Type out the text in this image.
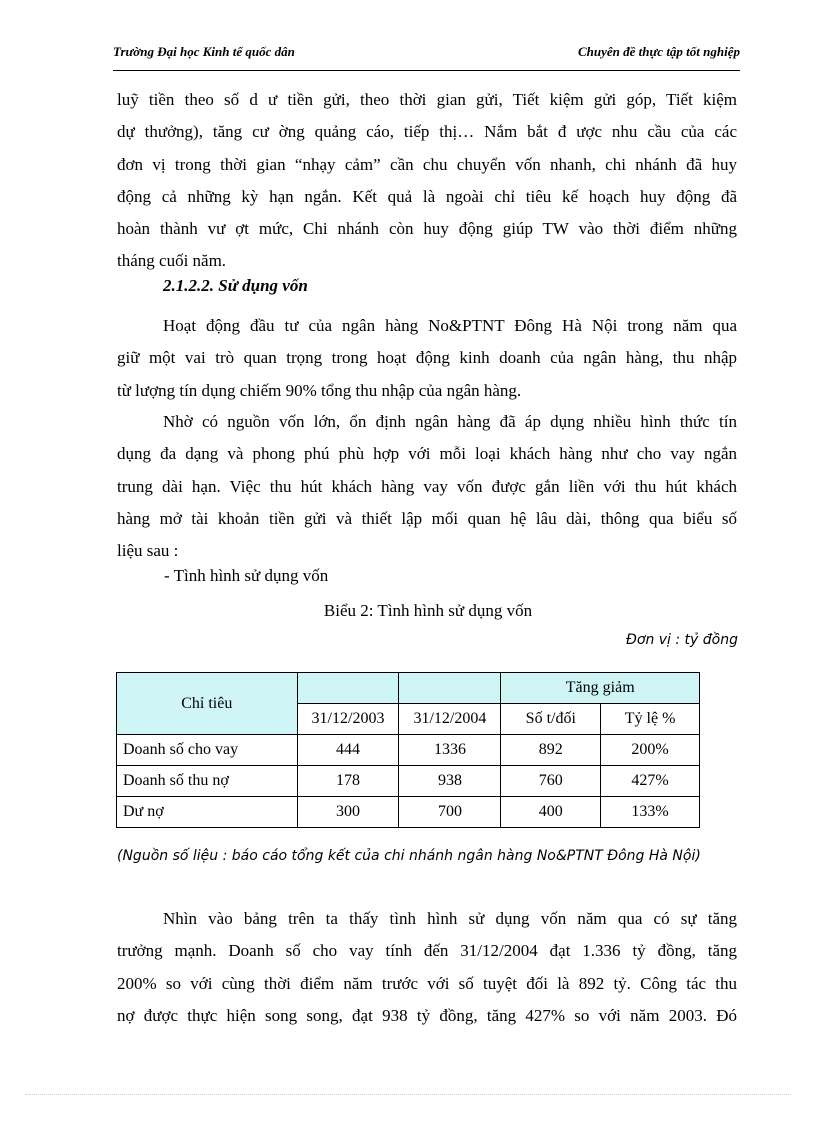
Trường Đại học Kinh tế quốc dân	Chuyên đề thực tập tốt nghiệp
luỹ tiền theo số d ư tiền gửi, theo thời gian gửi, Tiết kiệm gửi góp, Tiết kiệm
dự thưởng), tăng cư ờng quảng cáo, tiếp thị… Nắm bắt đ ược nhu cầu của các
đơn vị trong thời gian “nhạy cảm” cần chu chuyển vốn nhanh, chi nhánh đã huy
động cả những kỳ hạn ngắn. Kết quả là ngoài chỉ tiêu kế hoạch huy động đã
hoàn thành vư ợt mức, Chi nhánh còn huy động giúp TW vào thời điểm những
tháng cuối năm.
2.1.2.2. Sử dụng vốn
Hoạt động đầu tư của ngân hàng No&PTNT Đông Hà Nội trong năm qua
giữ một vai trò quan trọng trong hoạt động kinh doanh của ngân hàng, thu nhập
từ lượng tín dụng chiếm 90% tổng thu nhập của ngân hàng.
Nhờ có nguồn vốn lớn, ổn định ngân hàng đã áp dụng nhiều hình thức tín
dụng đa dạng và phong phú phù hợp với mỗi loại khách hàng như cho vay ngắn
trung dài hạn. Việc thu hút khách hàng vay vốn được gắn liền với thu hút khách
hàng mở tài khoản tiền gửi và thiết lập mối quan hệ lâu dài, thông qua biểu số
liệu sau :
- Tình hình sử dụng vốn
Biểu 2: Tình hình sử dụng vốn
Đơn vị : tỷ đồng
Chỉ tiêu			Tăng giảm	
	31/12/2003	31/12/2004	Số t/đối	Tỷ lệ %
Doanh số cho vay	444	1336	892	200%
Doanh số thu nợ	178	938	760	427%
Dư nợ	300	700	400	133%
(Nguồn số liệu : báo cáo tổng kết của chi nhánh ngân hàng No&PTNT Đông Hà Nội)
Nhìn vào bảng trên ta thấy tình hình sử dụng vốn năm qua có sự tăng
trưởng mạnh. Doanh số cho vay tính đến 31/12/2004 đạt 1.336 tỷ đồng, tăng
200% so với cùng thời điểm năm trước với số tuyệt đối là 892 tỷ. Công tác thu
nợ được thực hiện song song, đạt 938 tỷ đồng, tăng 427% so với năm 2003. Đó
